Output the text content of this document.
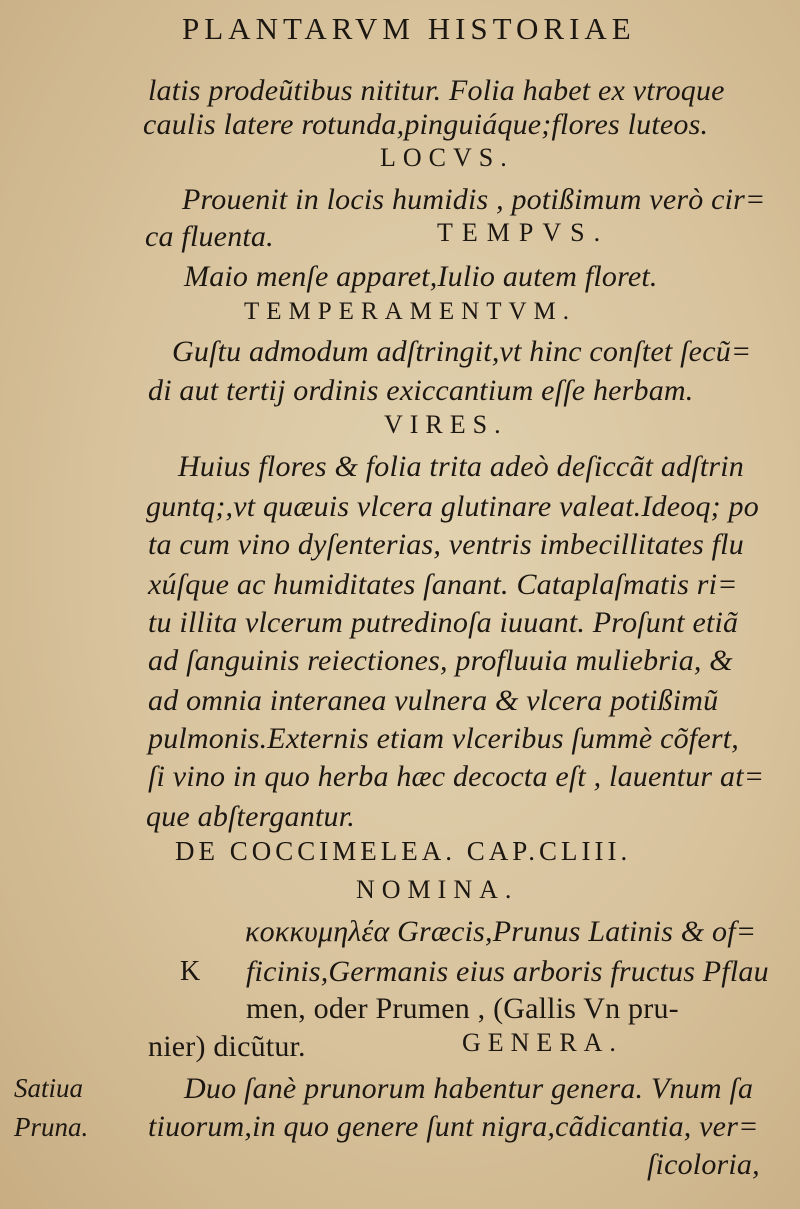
PLANTARVM HISTORIAE
latis prodeũtibus nititur. Folia habet ex vtroque
caulis latere rotunda,pinguiáque;flores luteos.
LOCVS.
Prouenit in locis humidis , potißimum verò cir=
ca fluenta.	TEMPVS.
Maio menſe apparet,Iulio autem floret.
TEMPERAMENTVM.
Guſtu admodum adſtringit,vt hinc conſtet ſecũ=
di aut tertij ordinis exiccantium eſſe herbam.
VIRES.
Huius flores & folia trita adeò deſiccãt adſtrin
guntq;,vt quæuis vlcera glutinare valeat.Ideoq; po
ta cum vino dyſenterias, ventris imbecillitates flu
xúſque ac humiditates ſanant. Cataplaſmatis ri=
tu illita vlcerum putredinoſa iuuant. Proſunt etiã
ad ſanguinis reiectiones, profluuia muliebria, &
ad omnia interanea vulnera & vlcera potißimũ
pulmonis.Externis etiam vlceribus ſummè cõfert,
ſi vino in quo herba hæc decocta eſt , lauentur at=
que abſtergantur.
DE COCCIMELEA. CAP.CLIII.
NOMINA.
κοκκυμηλέα Græcis,Prunus Latinis & of=
K ficinis,Germanis eius arboris fructus Pflau
men, oder Prumen , (Gallis Vn pru-
nier) dicũtur.	GENERA.
Satiua
Pruna.
Duo ſanè prunorum habentur genera. Vnum ſa
tiuorum,in quo genere ſunt nigra,cãdicantia, ver=
ſicoloria,
